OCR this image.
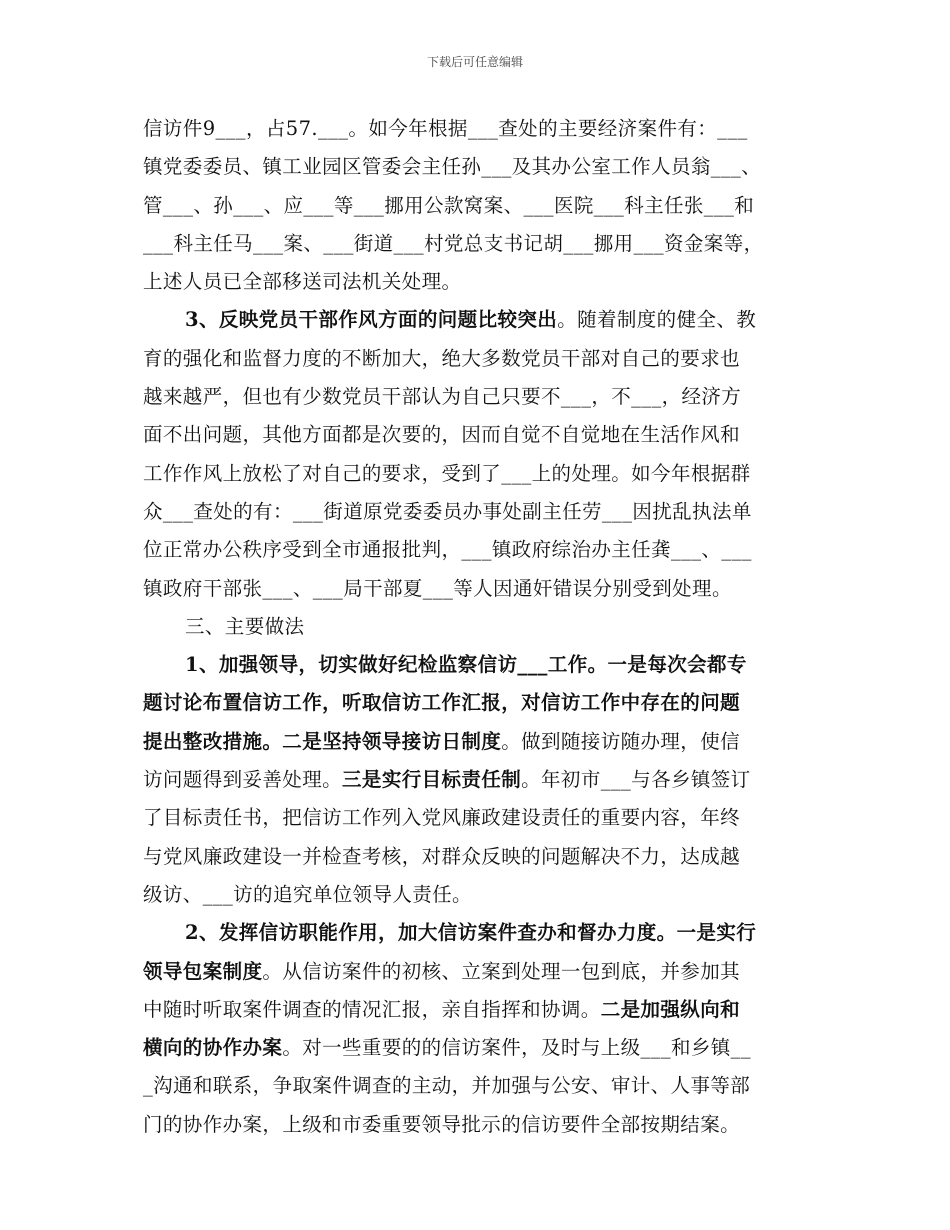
下载后可任意编辑
信访件9___，占57.___。如今年根据___查处的主要经济案件有：___
镇党委委员、镇工业园区管委会主任孙___及其办公室工作人员翁___、
管___、孙___、应___等___挪用公款窝案、___医院___科主任张___和
___科主任马___案、___街道___村党总支书记胡___挪用___资金案等，
上述人员已全部移送司法机关处理。
3、反映党员干部作风方面的问题比较突出。随着制度的健全、教
育的强化和监督力度的不断加大，绝大多数党员干部对自己的要求也
越来越严，但也有少数党员干部认为自己只要不___，不___，经济方
面不出问题，其他方面都是次要的，因而自觉不自觉地在生活作风和
工作作风上放松了对自己的要求，受到了___上的处理。如今年根据群
众___查处的有：___街道原党委委员办事处副主任劳___因扰乱执法单
位正常办公秩序受到全市通报批判，___镇政府综治办主任龚___、___
镇政府干部张___、___局干部夏___等人因通奸错误分别受到处理。
三、主要做法
1、加强领导，切实做好纪检监察信访___工作。一是每次会都专
题讨论布置信访工作，听取信访工作汇报，对信访工作中存在的问题
提出整改措施。二是坚持领导接访日制度。做到随接访随办理，使信
访问题得到妥善处理。三是实行目标责任制。年初市___与各乡镇签订
了目标责任书，把信访工作列入党风廉政建设责任的重要内容，年终
与党风廉政建设一并检查考核，对群众反映的问题解决不力，达成越
级访、___访的追究单位领导人责任。
2、发挥信访职能作用，加大信访案件查办和督办力度。一是实行
领导包案制度。从信访案件的初核、立案到处理一包到底，并参加其
中随时听取案件调查的情况汇报，亲自指挥和协调。二是加强纵向和
横向的协作办案。对一些重要的的信访案件，及时与上级___和乡镇__
_沟通和联系，争取案件调查的主动，并加强与公安、审计、人事等部
门的协作办案，上级和市委重要领导批示的信访要件全部按期结案。
